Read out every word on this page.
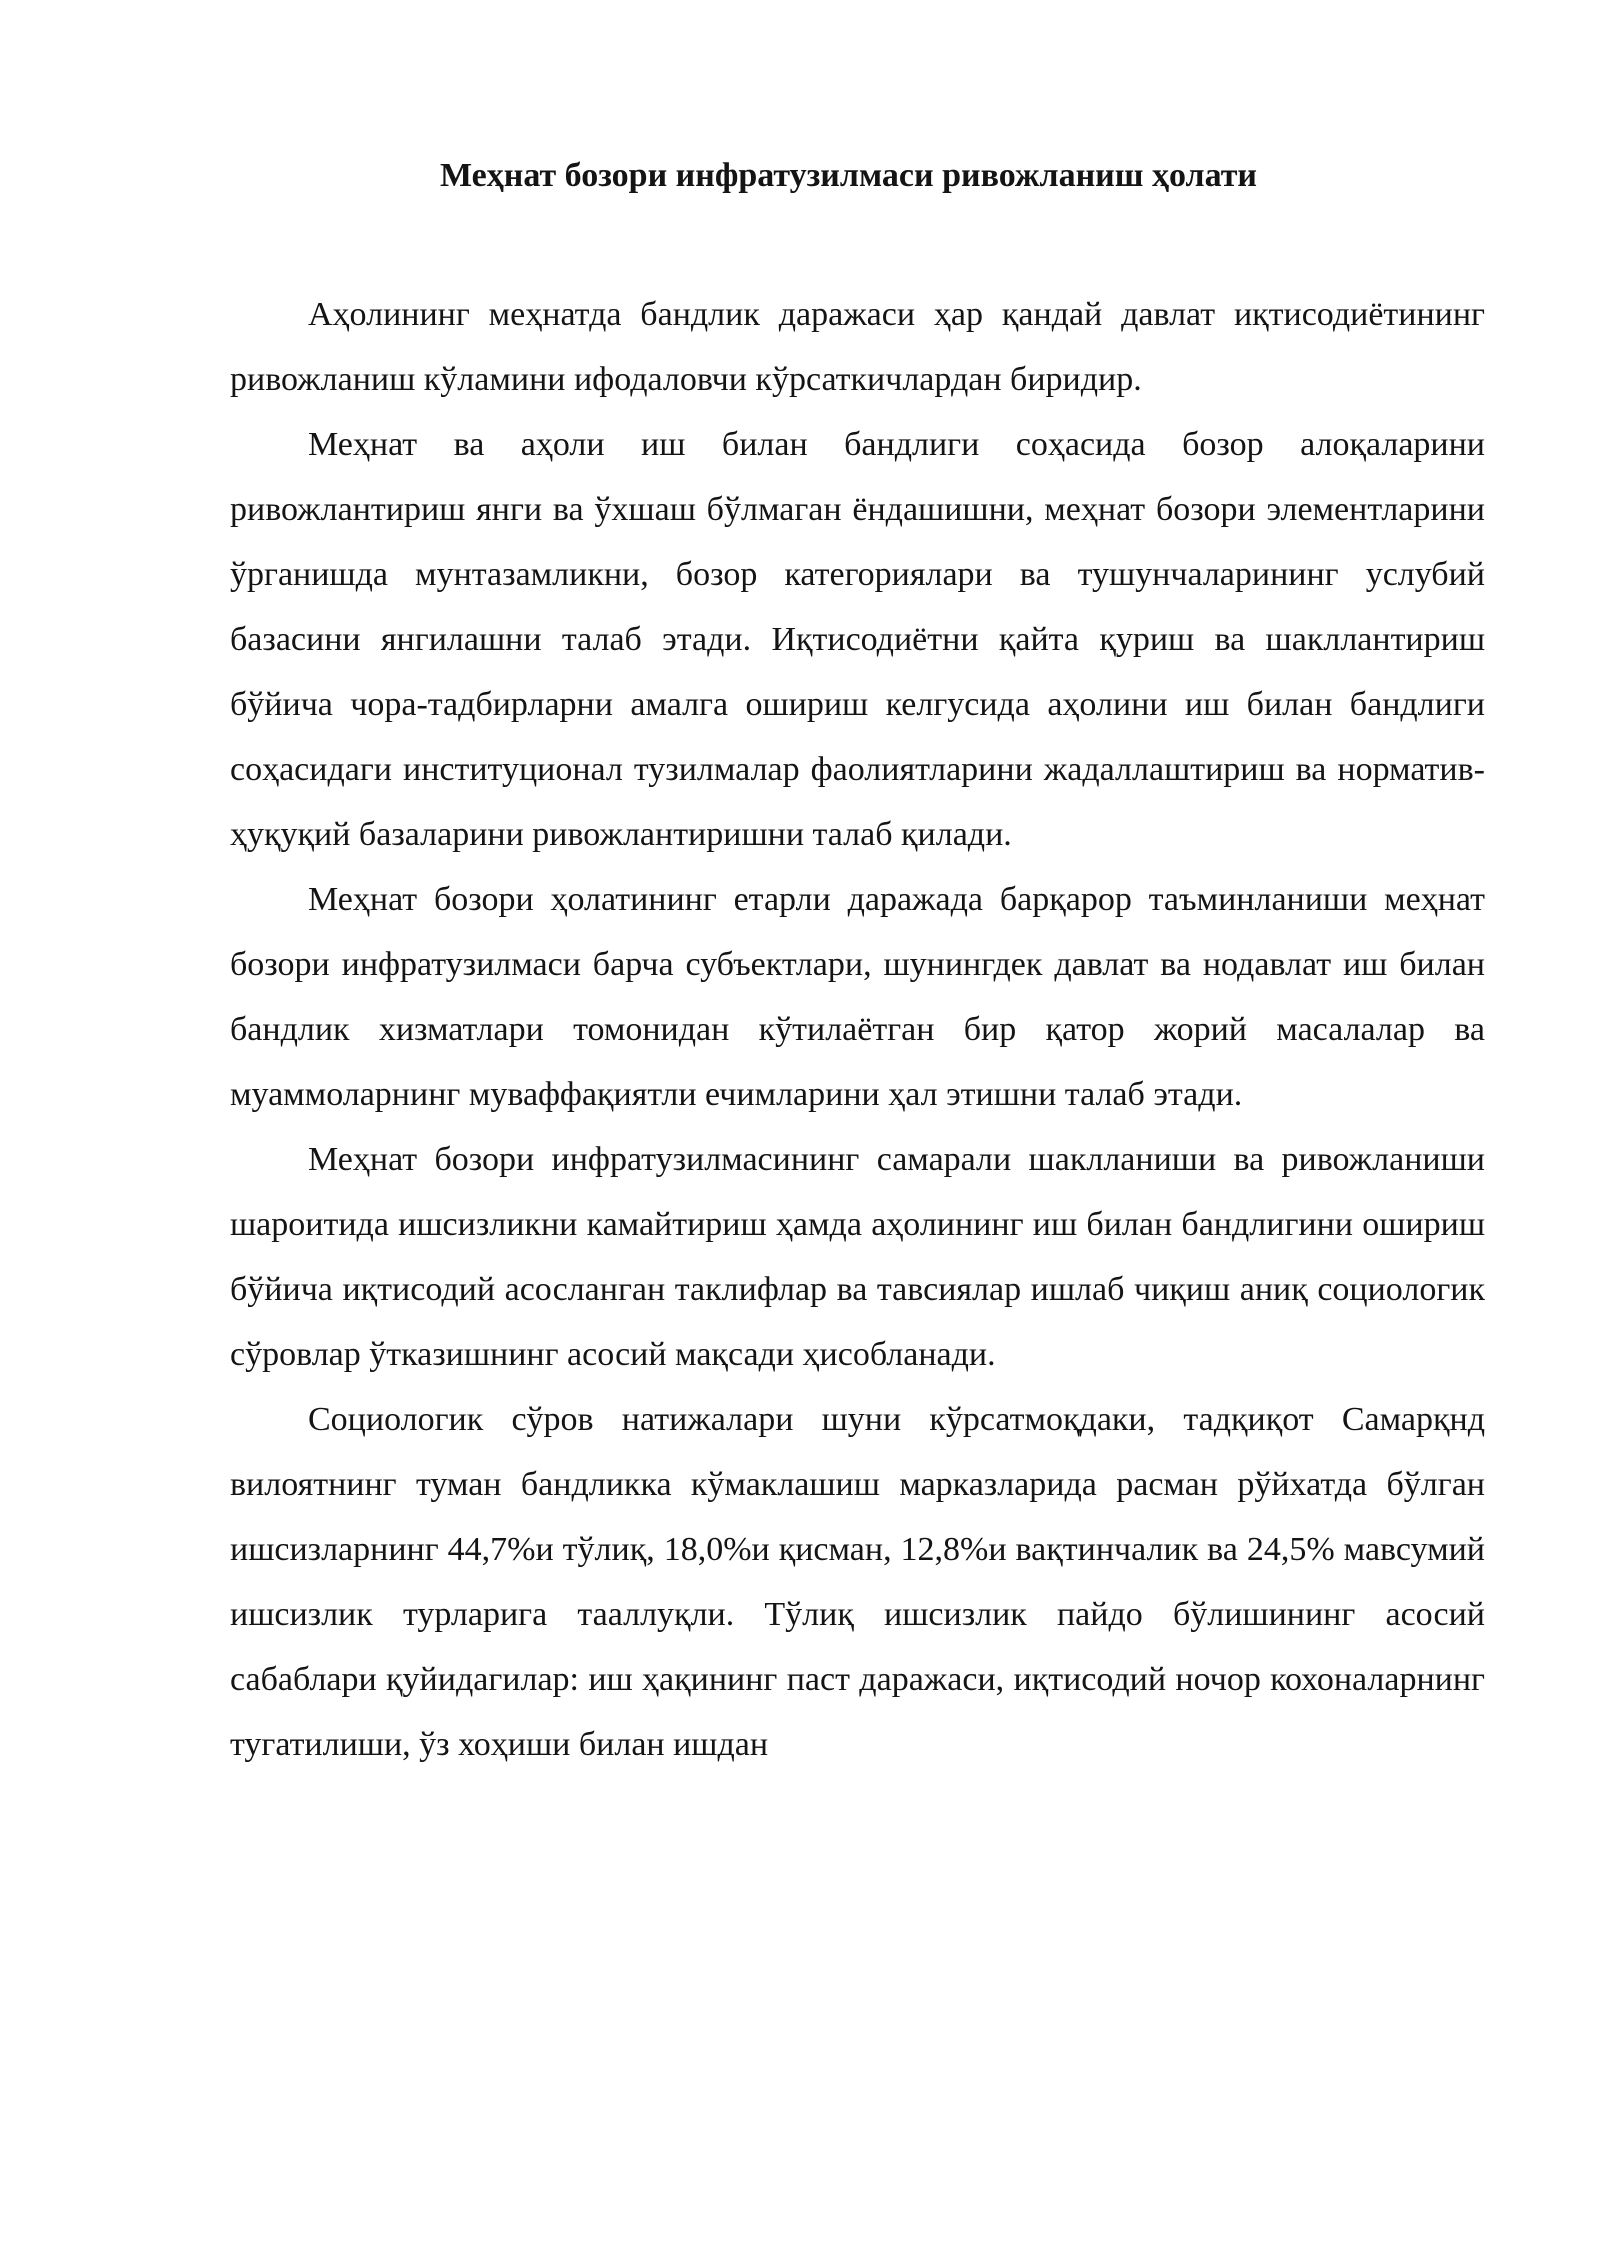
Меҳнат бозори инфратузилмаси ривожланиш ҳолати

Аҳолининг меҳнатда бандлик даражаси ҳар қандай давлат иқтисодиётининг ривожланиш кўламини ифодаловчи кўрсаткичлардан биридир.

Меҳнат ва аҳоли иш билан бандлиги соҳасида бозор алоқаларини ривожлантириш янги ва ўхшаш бўлмаган ёндашишни, меҳнат бозори элементларини ўрганишда мунтазамликни, бозор категориялари ва тушунчаларининг услубий базасини янгилашни талаб этади. Иқтисодиётни қайта қуриш ва шакллантириш бўйича чора-тадбирларни амалга ошириш келгусида аҳолини иш билан бандлиги соҳасидаги институционал тузилмалар фаолиятларини жадаллаштириш ва норматив-ҳуқуқий базаларини ривожлантиришни талаб қилади.

Меҳнат бозори ҳолатининг етарли даражада барқарор таъминланиши меҳнат бозори инфратузилмаси барча субъектлари, шунингдек давлат ва нодавлат иш билан бандлик хизматлари томонидан кўтилаётган бир қатор жорий масалалар ва муаммоларнинг муваффақиятли ечимларини ҳал этишни талаб этади.

Меҳнат бозори инфратузилмасининг самарали шаклланиши ва ривожланиши шароитида ишсизликни камайтириш ҳамда аҳолининг иш билан бандлигини ошириш бўйича иқтисодий асосланган таклифлар ва тавсиялар ишлаб чиқиш аниқ социологик сўровлар ўтказишнинг асосий мақсади ҳисобланади.

Социологик сўров натижалари шуни кўрсатмоқдаки, тадқиқот Самарқнд вилоятнинг туман бандликка кўмаклашиш марказларида расман рўйхатда бўлган ишсизларнинг 44,7%и тўлиқ, 18,0%и қисман, 12,8%и вақтинчалик ва 24,5% мавсумий ишсизлик турларига тааллуқли. Тўлиқ ишсизлик пайдо бўлишининг асосий сабаблари қуйидагилар: иш ҳақининг паст даражаси, иқтисодий ночор кохоналарнинг тугатилиши, ўз хоҳиши билан ишдан
